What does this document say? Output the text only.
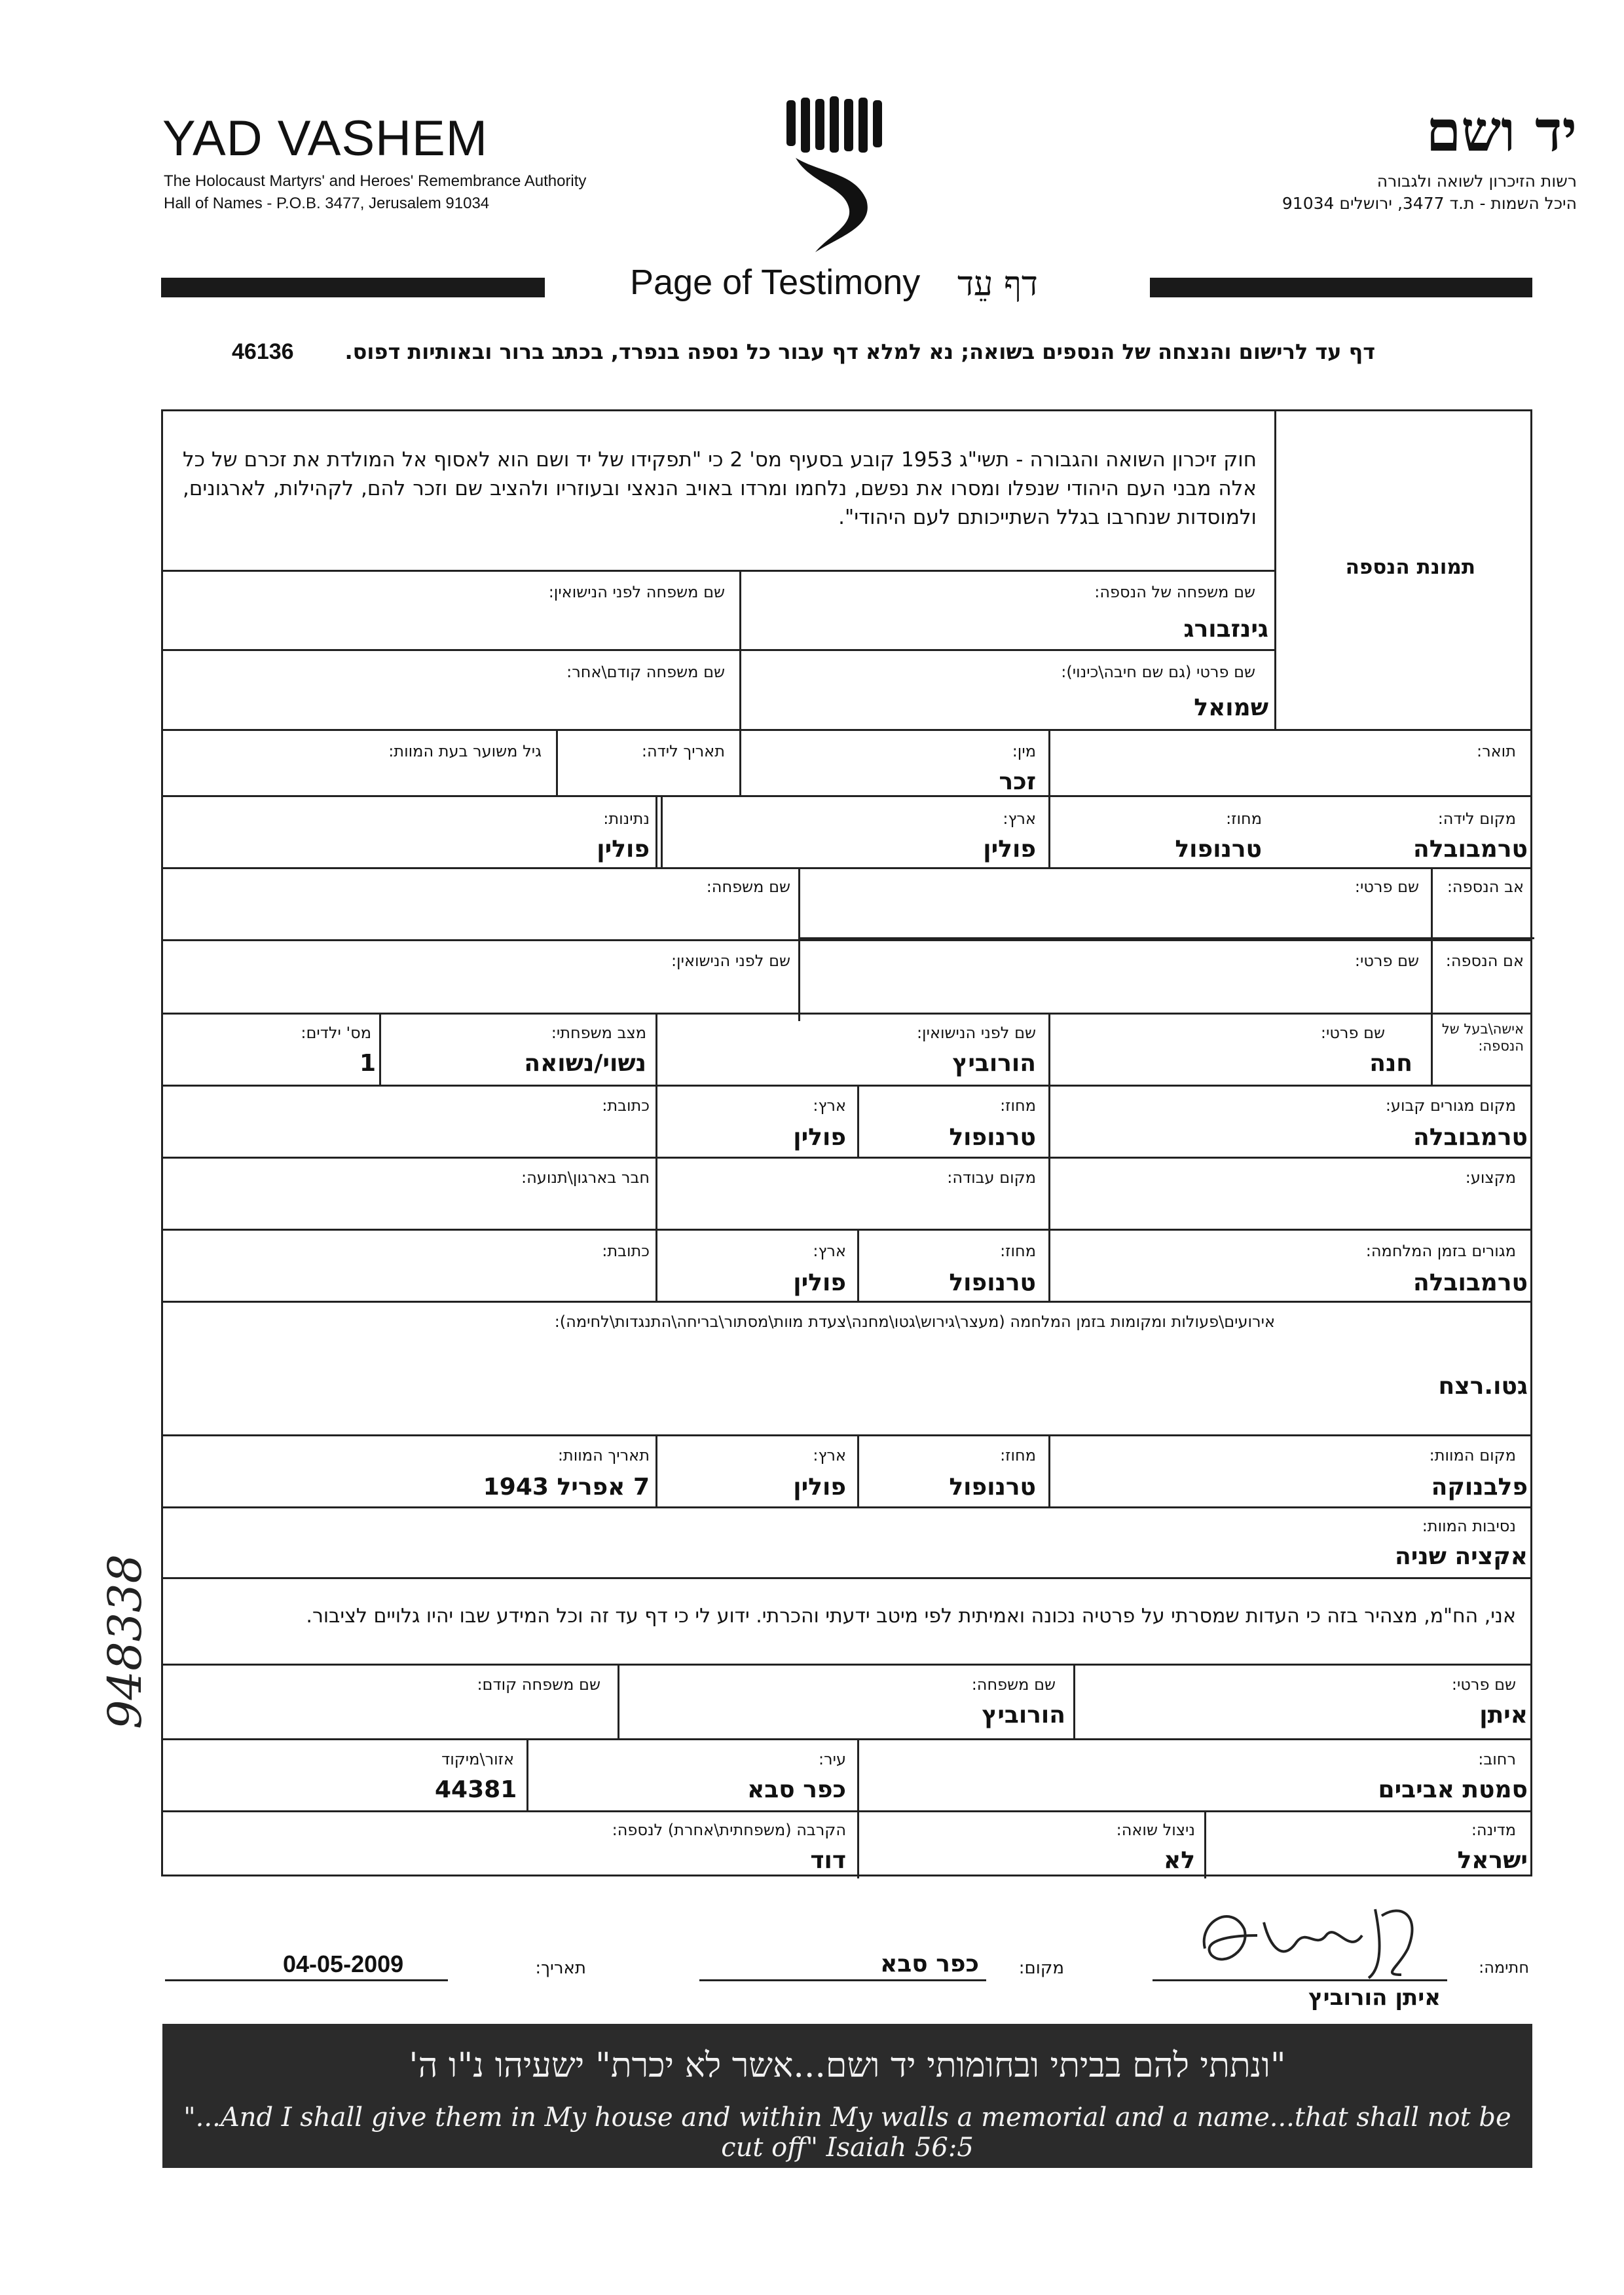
YAD VASHEM
The Holocaust Martyrs' and Heroes' Remembrance Authority
Hall of Names - P.O.B. 3477, Jerusalem 91034
יד ושם
רשות הזיכרון לשואה ולגבורה
היכל השמות - ת.ד 3477, ירושלים 91034
Page of Testimony דף עֵד
דף עד לרישום והנצחה של הנספים בשואה; נא למלא דף עבור כל נספה בנפרד, בכתב ברור ובאותיות דפוס.
46136
חוק זיכרון השואה והגבורה - תשי"ג 1953 קובע בסעיף מס' 2 כי "תפקידו של יד ושם הוא לאסוף אל המולדת את זכרם של כל אלה מבני העם היהודי שנפלו ומסרו את נפשם, נלחמו ומרדו באויב הנאצי ובעוזריו ולהציב שם וזכר להם, לקהילות, לארגונים, ולמוסדות שנחרבו בגלל השתייכותם לעם היהודי".
תמונת הנספה
שם משפחה של הנספה:
גינזבורג
שם משפחה לפני הנישואין:
שם פרטי (גם שם חיבה\כינוי):
שמואל
שם משפחה קודם\אחר:
תואר:
מין:
זכר
תאריך לידה:
גיל משוער בעת המוות:
מקום לידה:
טרמבובלה
מחוז:
טרנופול
ארץ:
פולין
נתינות:
פולין
אב הנספה:
שם פרטי:
שם משפחה:
אם הנספה:
שם פרטי:
שם לפני הנישואין:
אישה\בעל של הנספה:
שם פרטי:
חנה
שם לפני הנישואין:
הורוביץ
מצב משפחתי:
נשוי/נשואה
מס' ילדים:
1
מקום מגורים קבוע:
טרמבובלה
מחוז:
טרנופול
ארץ:
פולין
כתובת:
מקצוע:
מקום עבודה:
חבר בארגון\תנועה:
מגורים בזמן המלחמה:
טרמבובלה
מחוז:
טרנופול
ארץ:
פולין
כתובת:
אירועים\פעולות ומקומות בזמן המלחמה (מעצר\גירוש\גטו\מחנה\צעדת מוות\מסתור\בריחה\התנגדות\לחימה):
גטו.רצח
מקום המוות:
פלבנוקה
מחוז:
טרנופול
ארץ:
פולין
תאריך המוות:
7 אפריל 1943
נסיבות המוות:
אקציה שניה
אני, הח"מ, מצהיר בזה כי העדות שמסרתי על פרטיה נכונה ואמיתית לפי מיטב ידעתי והכרתי. ידוע לי כי דף עד זה וכל המידע שבו יהיו גלויים לציבור.
שם פרטי:
איתן
שם משפחה:
הורוביץ
שם משפחה קודם:
רחוב:
סמטת אביבים
עיר:
כפר סבא
אזור\מיקוד
44381
מדינה:
ישראל
ניצול שואה:
לא
הקרבה (משפחתית\אחרת) לנספה:
דוד
חתימה:
איתן הורוביץ
מקום:
כפר סבא
תאריך:
04-05-2009
"ונתתי להם בביתי ובחומותי יד ושם...אשר לא יכרת" ישעיהו נ"ו ה'
"...And I shall give them in My house and within My walls a memorial and a name...that shall not be cut off" Isaiah 56:5
948338
